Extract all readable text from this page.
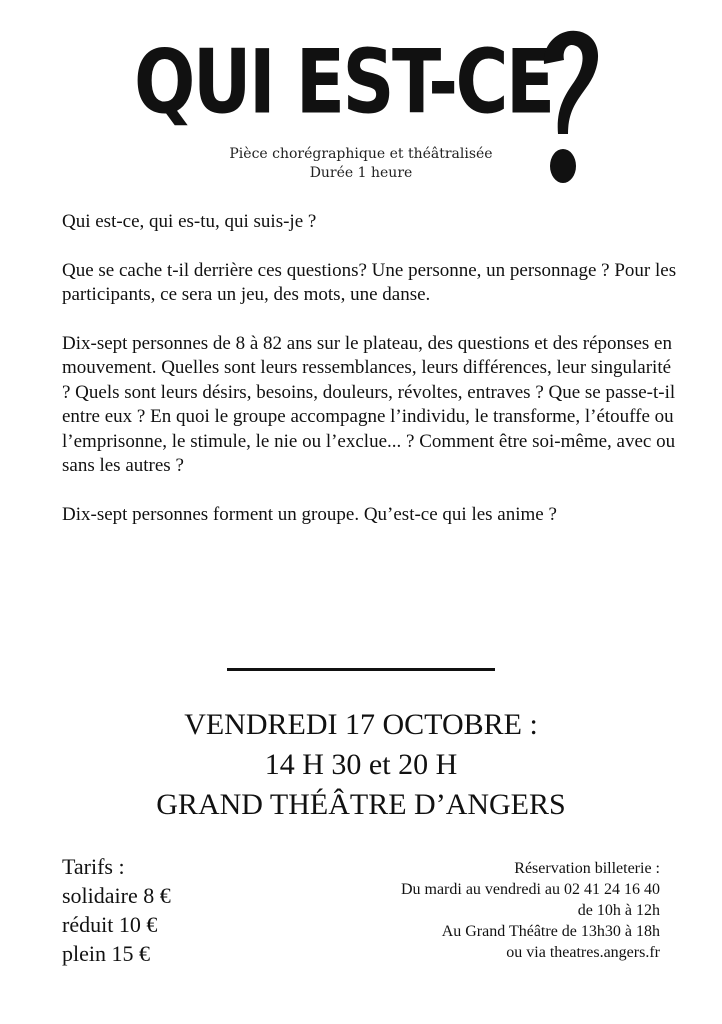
QUI EST-CE
Pièce chorégraphique et théâtralisée
Durée 1 heure

Qui est-ce, qui es-tu, qui suis-je ?

Que se cache t-il derrière ces questions? Une personne, un personnage ? Pour les participants, ce sera un jeu, des mots, une danse.

Dix-sept personnes de 8 à 82 ans sur le plateau, des questions et des réponses en mouvement. Quelles sont leurs ressemblances, leurs différences, leur singularité ? Quels sont leurs désirs, besoins, douleurs, révoltes, entraves ? Que se passe-t-il entre eux ? En quoi le groupe accompagne l’individu, le transforme, l’étouffe ou l’emprisonne, le stimule, le nie ou l’exclue... ? Comment être soi-même, avec ou sans les autres ?

Dix-sept personnes forment un groupe. Qu’est-ce qui les anime ?

VENDREDI 17 OCTOBRE :
14 H 30 et 20 H
GRAND THÉÂTRE D’ANGERS
Tarifs :
solidaire 8 €
réduit 10 €
plein 15 €
Réservation billeterie :
Du mardi au vendredi au 02 41 24 16 40
de 10h à 12h
Au Grand Théâtre de 13h30 à 18h
ou via theatres.angers.fr
